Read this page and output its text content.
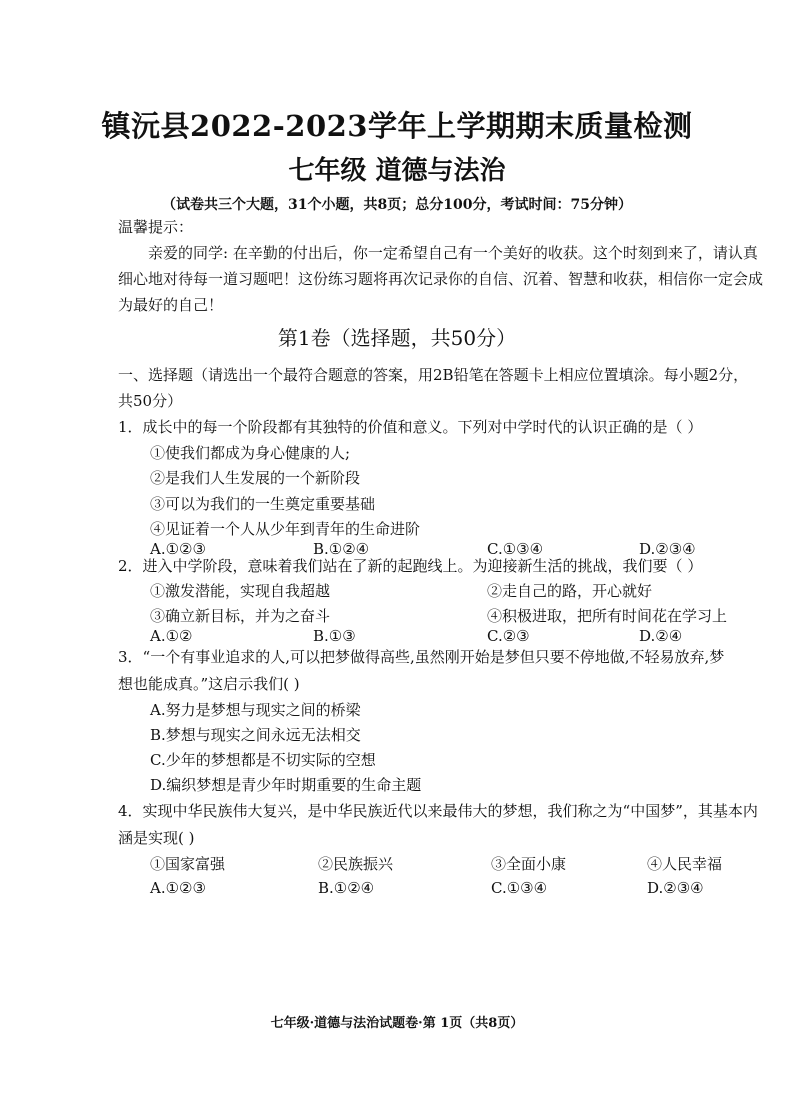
镇沅县2022-2023学年上学期期末质量检测
七年级 道德与法治
（试卷共三个大题，31个小题，共8页；总分100分，考试时间：75分钟）
温馨提示：
亲爱的同学: 在辛勤的付出后，你一定希望自己有一个美好的收获。这个时刻到来了，请认真
细心地对待每一道习题吧！这份练习题将再次记录你的自信、沉着、智慧和收获，相信你一定会成
为最好的自己！
第1卷（选择题，共50分）
一、选择题（请选出一个最符合题意的答案，用2B铅笔在答题卡上相应位置填涂。每小题2分，
共50分）
1．成长中的每一个阶段都有其独特的价值和意义。下列对中学时代的认识正确的是（ ）
①使我们都成为身心健康的人;
②是我们人生发展的一个新阶段
③可以为我们的一生奠定重要基础
④见证着一个人从少年到青年的生命进阶
A.①②③	B.①②④	C.①③④	D.②③④
2．进入中学阶段，意味着我们站在了新的起跑线上。为迎接新生活的挑战，我们要（ ）
①激发潜能，实现自我超越	②走自己的路，开心就好
③确立新目标，并为之奋斗	④积极进取，把所有时间花在学习上
A.①②	B.①③	C.②③	D.②④
3．“一个有事业追求的人,可以把梦做得高些,虽然刚开始是梦但只要不停地做,不轻易放弃,梦
想也能成真。”这启示我们( )
A.努力是梦想与现实之间的桥梁
B.梦想与现实之间永远无法相交
C.少年的梦想都是不切实际的空想
D.编织梦想是青少年时期重要的生命主题
4．实现中华民族伟大复兴，是中华民族近代以来最伟大的梦想，我们称之为“中国梦”，其基本内
涵是实现( )
①国家富强	②民族振兴	③全面小康	④人民幸福
A.①②③	B.①②④	C.①③④	D.②③④
七年级·道德与法治试题卷·第 1页（共8页）
